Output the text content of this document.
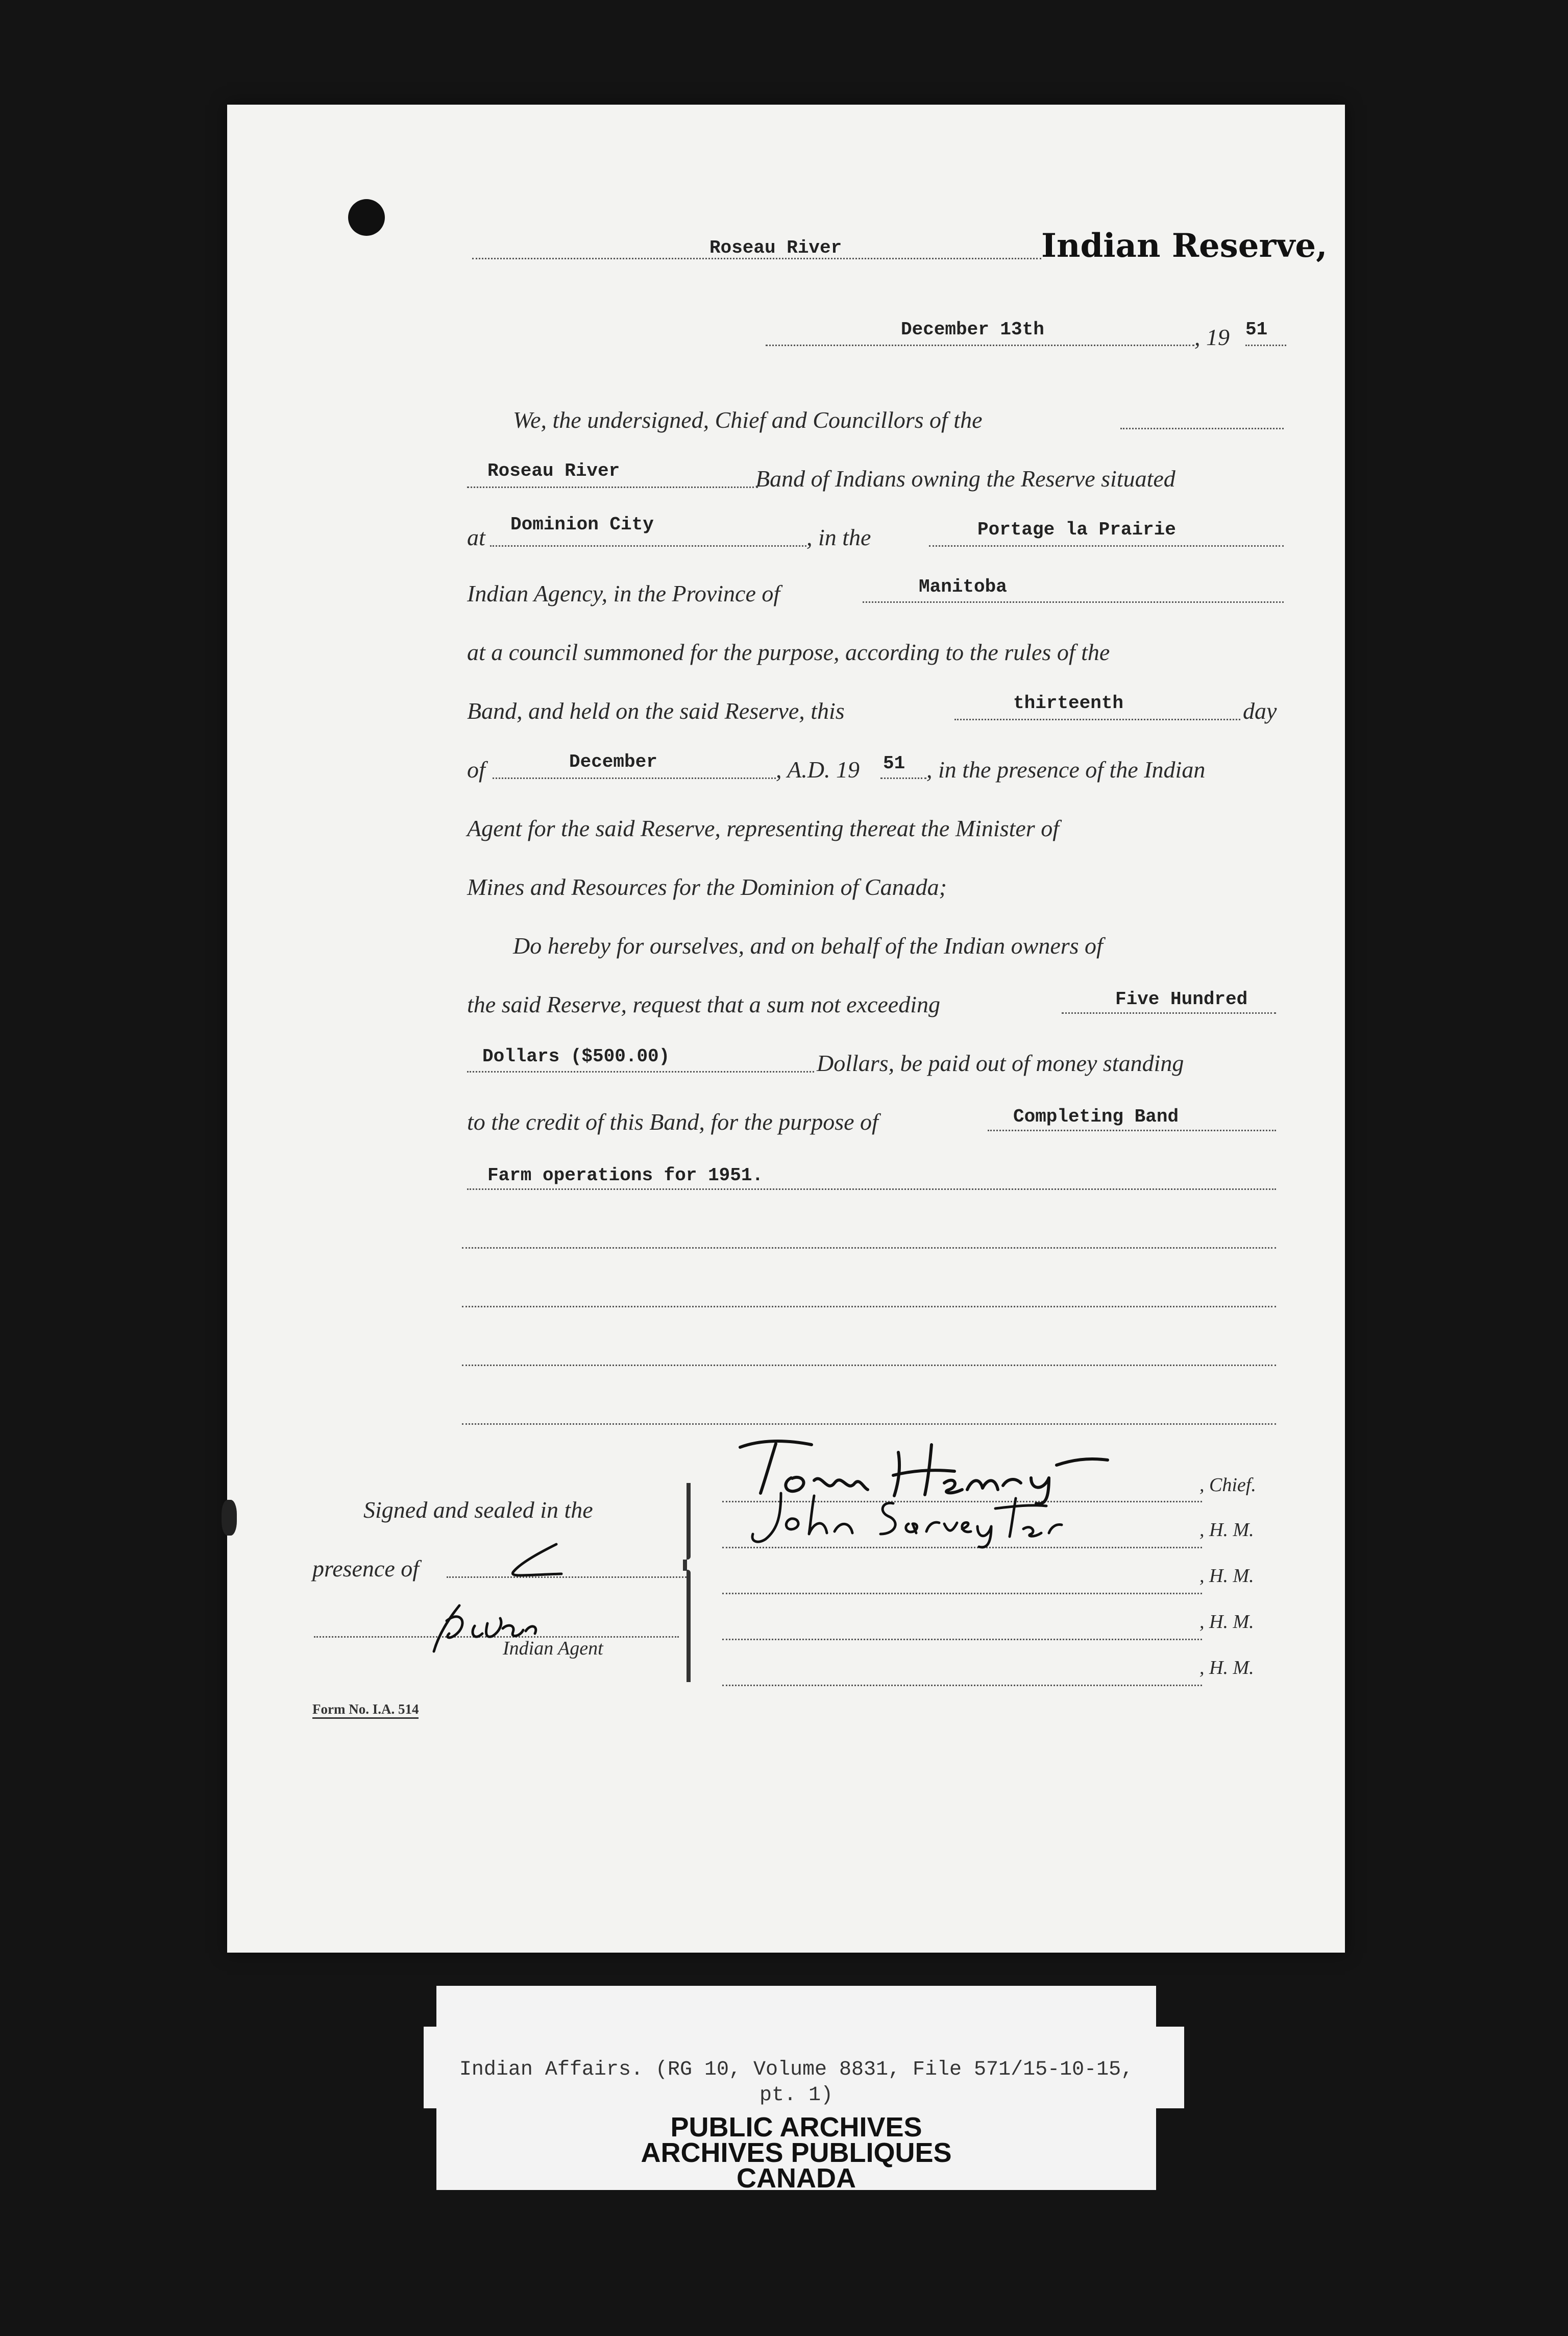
Roseau River	Indian Reserve,
December 13th	, 19 51
We, the undersigned, Chief and Councillors of the
Roseau River	Band of Indians owning the Reserve situated
at Dominion City	, in the	Portage la Prairie
Indian Agency, in the Province of	Manitoba
at a council summoned for the purpose, according to the rules of the
Band, and held on the said Reserve, this	thirteenth	day
of	December	, A.D. 19 51 , in the presence of the Indian
Agent for the said Reserve, representing thereat the Minister of
Mines and Resources for the Dominion of Canada;
Do hereby for ourselves, and on behalf of the Indian owners of
the said Reserve, request that a sum not exceeding	Five Hundred
Dollars ($500.00)	Dollars, be paid out of money standing
to the credit of this Band, for the purpose of	Completing Band
Farm operations for 1951.
Signed and sealed in the
presence of
Indian Agent
, Chief.
, H. M.
, H. M.
, H. M.
, H. M.
Form No. I.A. 514
Indian Affairs. (RG 10, Volume 8831, File 571/15-10-15,
pt. 1)
PUBLIC ARCHIVES
ARCHIVES PUBLIQUES
CANADA
